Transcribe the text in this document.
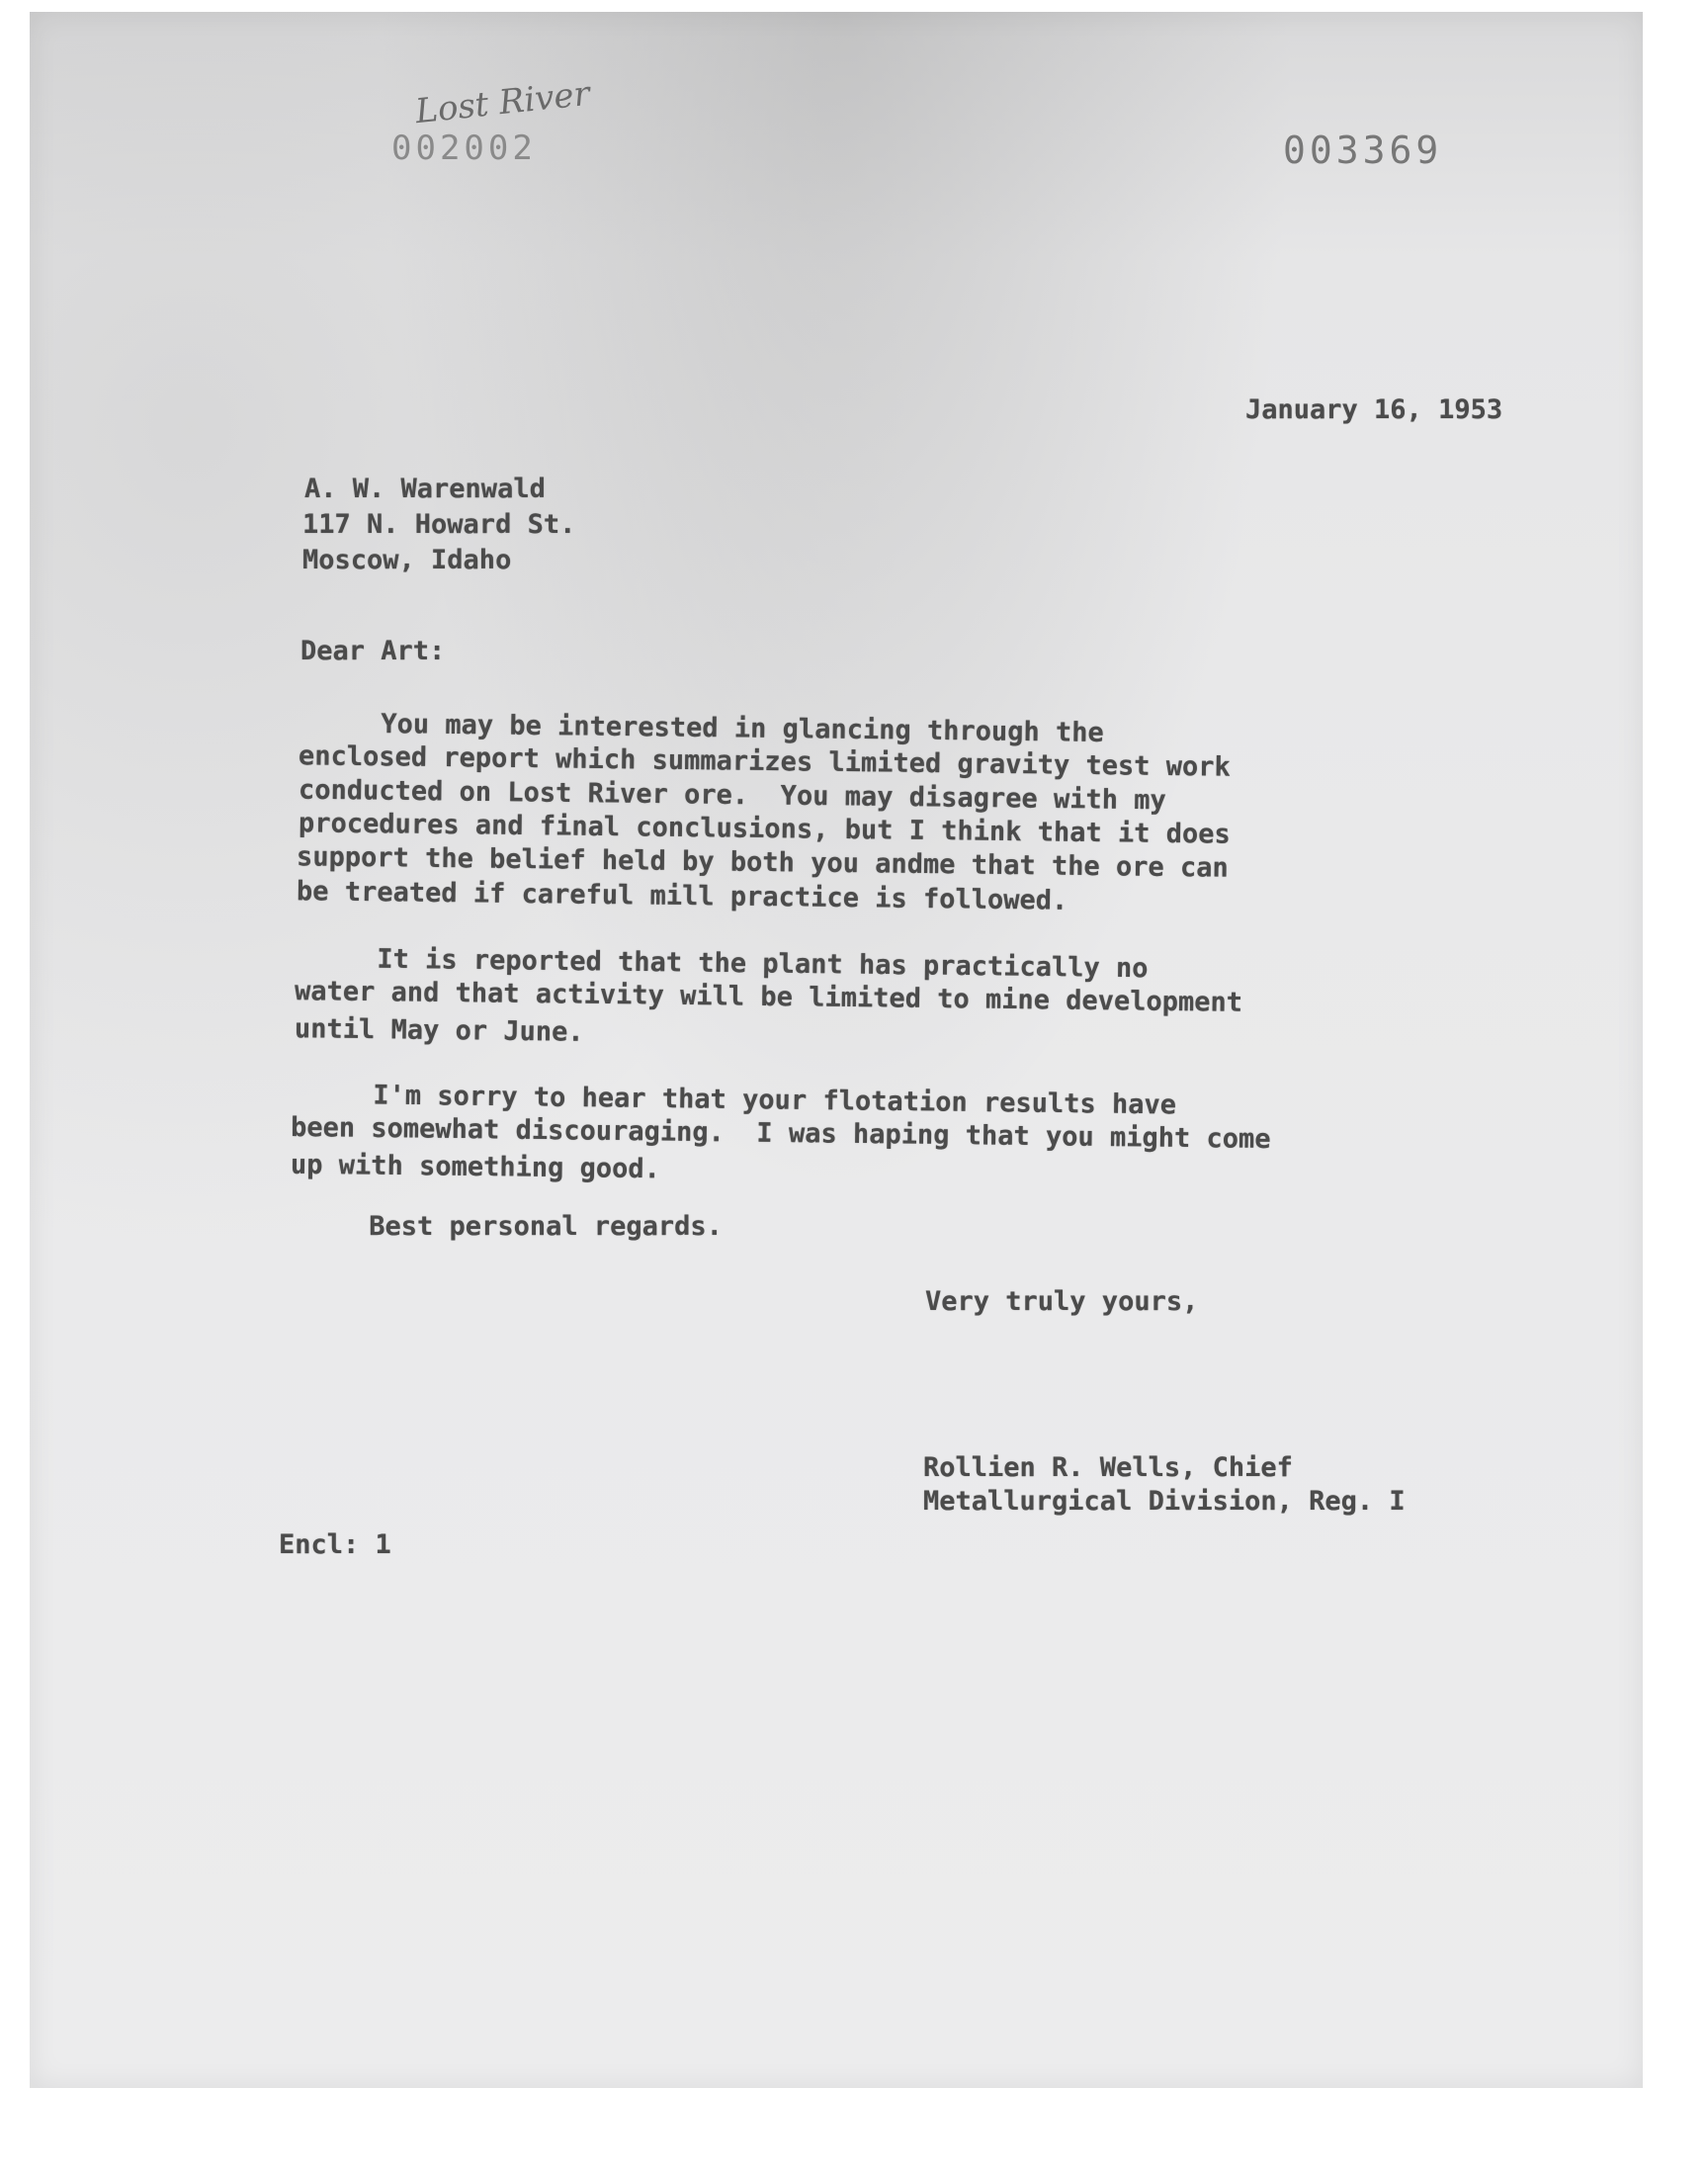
Lost River
002002	003369
January 16, 1953
A. W. Warenwald
117 N. Howard St.
Moscow, Idaho
Dear Art:
You may be interested in glancing through the
enclosed report which summarizes limited gravity test work
conducted on Lost River ore.  You may disagree with my
procedures and final conclusions, but I think that it does
support the belief held by both you andme that the ore can
be treated if careful mill practice is followed.
It is reported that the plant has practically no
water and that activity will be limited to mine development
until May or June.
I'm sorry to hear that your flotation results have
been somewhat discouraging.  I was haping that you might come
up with something good.
Best personal regards.
Very truly yours,
Rollien R. Wells, Chief
Metallurgical Division, Reg. I
Encl: 1
